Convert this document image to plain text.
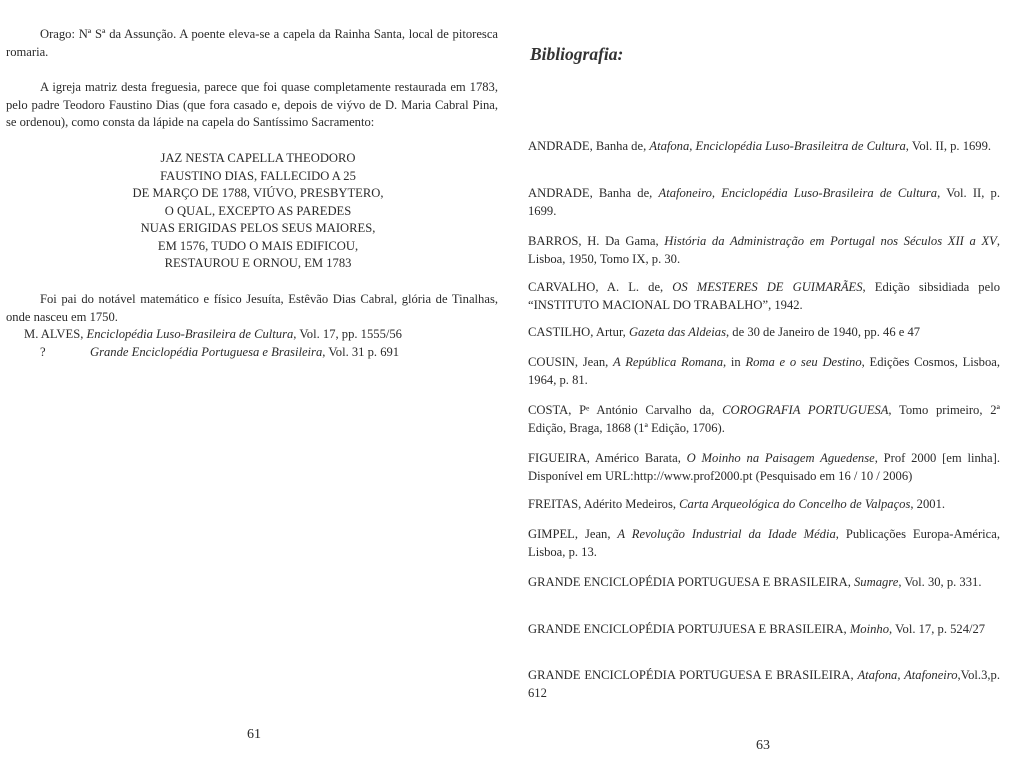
Orago: Nª Sª da Assunção. A poente eleva-se a capela da Rainha Santa, local de pitoresca romaria.

A igreja matriz desta freguesia, parece que foi quase completamente restaurada em 1783, pelo padre Teodoro Faustino Dias (que fora casado e, depois de viývo de D. Maria Cabral Pina, se ordenou), como consta da lápide na capela do Santíssimo Sacramento:

JAZ NESTA CAPELLA THEODORO
FAUSTINO DIAS, FALLECIDO A 25
DE MARÇO DE 1788, VIÚVO, PRESBYTERO,
O QUAL, EXCEPTO AS PAREDES
NUAS ERIGIDAS PELOS SEUS MAIORES,
EM 1576, TUDO O MAIS EDIFICOU,
RESTAUROU E ORNOU, EM 1783

Foi pai do notável matemático e físico Jesuíta, Estêvão Dias Cabral, glória de Tinalhas, onde nasceu em 1750.

M. ALVES, Enciclopédia Luso-Brasileira de Cultura, Vol. 17, pp. 1555/56
?	Grande Enciclopédia Portuguesa e Brasileira, Vol. 31 p. 691
61
Bibliografia:
ANDRADE, Banha de, Atafona, Enciclopédia Luso-Brasileitra de Cultura, Vol. II, p. 1699.
ANDRADE, Banha de, Atafoneiro, Enciclopédia Luso-Brasileira de Cultura, Vol. II, p. 1699.
BARROS, H. Da Gama, História da Administração em Portugal nos Séculos XII a XV, Lisboa, 1950, Tomo IX, p. 30.
CARVALHO, A. L. de, OS MESTERES DE GUIMARÃES, Edição sibsidiada pelo “INSTITUTO MACIONAL DO TRABALHO”, 1942.
CASTILHO, Artur, Gazeta das Aldeias, de 30 de Janeiro de 1940, pp. 46 e 47
COUSIN, Jean, A República Romana, in Roma e o seu Destino, Edições Cosmos, Lisboa, 1964, p. 81.
COSTA, Pᵉ António Carvalho da, COROGRAFIA PORTUGUESA, Tomo primeiro, 2ª Edição, Braga, 1868 (1ª Edição, 1706).
FIGUEIRA, Américo Barata, O Moinho na Paisagem Aguedense, Prof 2000 [em linha]. Disponível em URL:http://www.prof2000.pt (Pesquisado em 16 / 10 / 2006)
FREITAS, Adérito Medeiros, Carta Arqueológica do Concelho de Valpaços, 2001.
GIMPEL, Jean, A Revolução Industrial da Idade Média, Publicações Europa-América, Lisboa, p. 13.
GRANDE ENCICLOPÉDIA PORTUGUESA E BRASILEIRA, Sumagre, Vol. 30, p. 331.
GRANDE ENCICLOPÉDIA PORTUJUESA E BRASILEIRA, Moinho, Vol. 17, p. 524/27
GRANDE ENCICLOPÉDIA PORTUGUESA E BRASILEIRA, Atafona, Atafoneiro,Vol.3,p. 612
63
